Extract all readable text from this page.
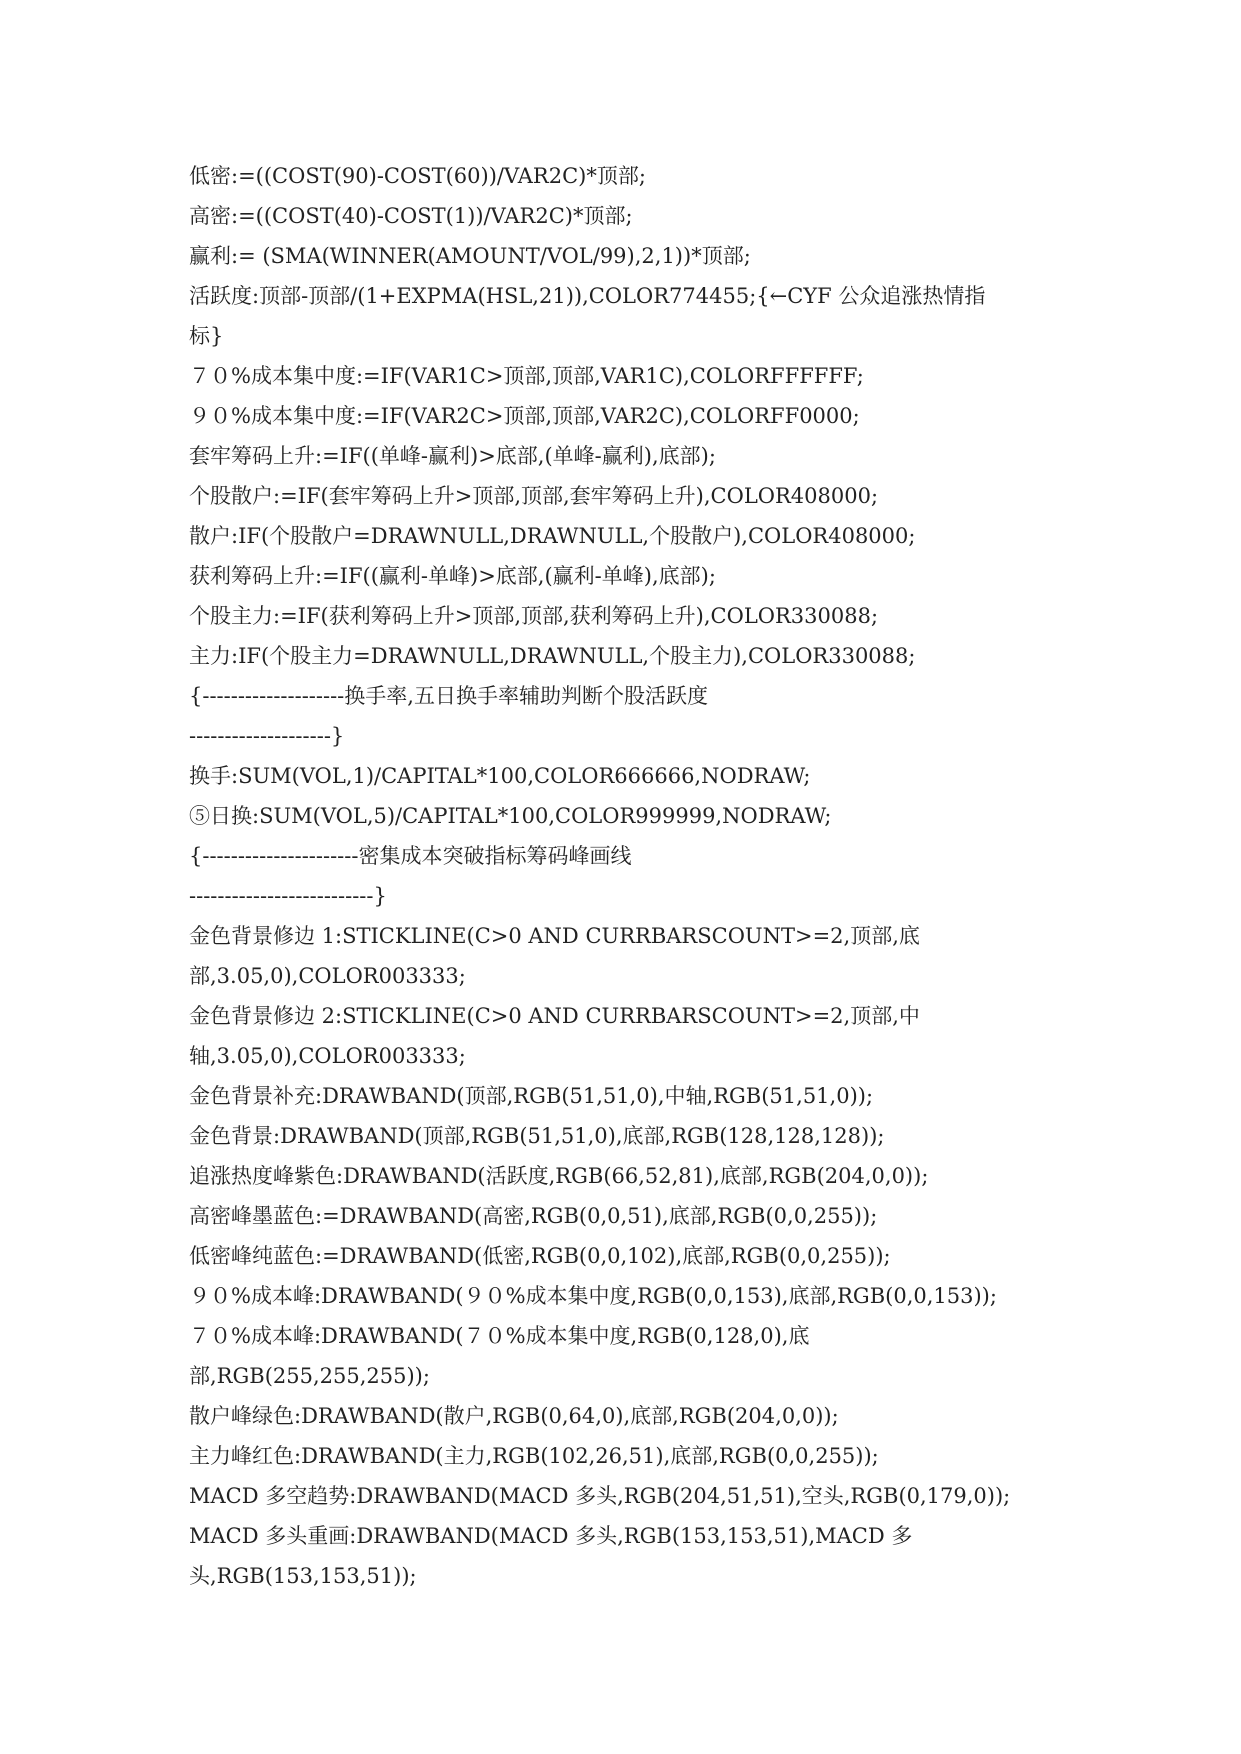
低密:=((COST(90)-COST(60))/VAR2C)*顶部;
高密:=((COST(40)-COST(1))/VAR2C)*顶部;
赢利:= (SMA(WINNER(AMOUNT/VOL/99),2,1))*顶部;
活跃度:顶部-顶部/(1+EXPMA(HSL,21)),COLOR774455;{←CYF 公众追涨热情指
标}
７０%成本集中度:=IF(VAR1C>顶部,顶部,VAR1C),COLORFFFFFF;
９０%成本集中度:=IF(VAR2C>顶部,顶部,VAR2C),COLORFF0000;
套牢筹码上升:=IF((单峰-赢利)>底部,(单峰-赢利),底部);
个股散户:=IF(套牢筹码上升>顶部,顶部,套牢筹码上升),COLOR408000;
散户:IF(个股散户=DRAWNULL,DRAWNULL,个股散户),COLOR408000;
获利筹码上升:=IF((赢利-单峰)>底部,(赢利-单峰),底部);
个股主力:=IF(获利筹码上升>顶部,顶部,获利筹码上升),COLOR330088;
主力:IF(个股主力=DRAWNULL,DRAWNULL,个股主力),COLOR330088;
{--------------------换手率,五日换手率辅助判断个股活跃度
--------------------}
换手:SUM(VOL,1)/CAPITAL*100,COLOR666666,NODRAW;
⑤日换:SUM(VOL,5)/CAPITAL*100,COLOR999999,NODRAW;
{----------------------密集成本突破指标筹码峰画线
--------------------------}
金色背景修边 1:STICKLINE(C>0 AND CURRBARSCOUNT>=2,顶部,底
部,3.05,0),COLOR003333;
金色背景修边 2:STICKLINE(C>0 AND CURRBARSCOUNT>=2,顶部,中
轴,3.05,0),COLOR003333;
金色背景补充:DRAWBAND(顶部,RGB(51,51,0),中轴,RGB(51,51,0));
金色背景:DRAWBAND(顶部,RGB(51,51,0),底部,RGB(128,128,128));
追涨热度峰紫色:DRAWBAND(活跃度,RGB(66,52,81),底部,RGB(204,0,0));
高密峰墨蓝色:=DRAWBAND(高密,RGB(0,0,51),底部,RGB(0,0,255));
低密峰纯蓝色:=DRAWBAND(低密,RGB(0,0,102),底部,RGB(0,0,255));
９０%成本峰:DRAWBAND(９０%成本集中度,RGB(0,0,153),底部,RGB(0,0,153));
７０%成本峰:DRAWBAND(７０%成本集中度,RGB(0,128,0),底
部,RGB(255,255,255));
散户峰绿色:DRAWBAND(散户,RGB(0,64,0),底部,RGB(204,0,0));
主力峰红色:DRAWBAND(主力,RGB(102,26,51),底部,RGB(0,0,255));
MACD 多空趋势:DRAWBAND(MACD 多头,RGB(204,51,51),空头,RGB(0,179,0));
MACD 多头重画:DRAWBAND(MACD 多头,RGB(153,153,51),MACD 多
头,RGB(153,153,51));
